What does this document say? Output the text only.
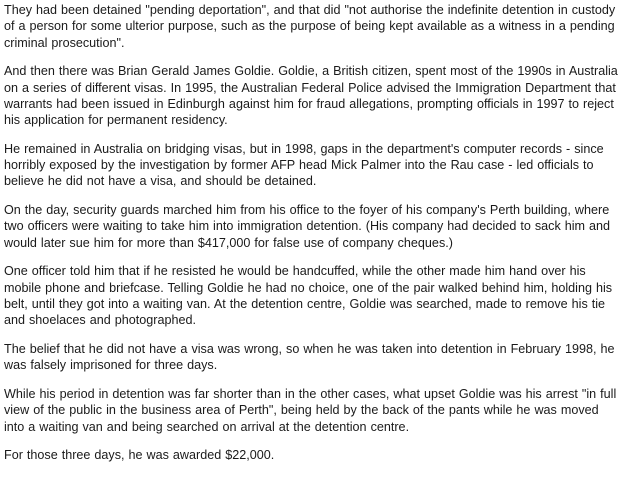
They had been detained "pending deportation", and that did "not authorise the indefinite detention in custody of a person for some ulterior purpose, such as the purpose of being kept available as a witness in a pending criminal prosecution".

And then there was Brian Gerald James Goldie. Goldie, a British citizen, spent most of the 1990s in Australia on a series of different visas. In 1995, the Australian Federal Police advised the Immigration Department that warrants had been issued in Edinburgh against him for fraud allegations, prompting officials in 1997 to reject his application for permanent residency.

He remained in Australia on bridging visas, but in 1998, gaps in the department's computer records - since horribly exposed by the investigation by former AFP head Mick Palmer into the Rau case - led officials to believe he did not have a visa, and should be detained.

On the day, security guards marched him from his office to the foyer of his company's Perth building, where two officers were waiting to take him into immigration detention. (His company had decided to sack him and would later sue him for more than $417,000 for false use of company cheques.)

One officer told him that if he resisted he would be handcuffed, while the other made him hand over his mobile phone and briefcase. Telling Goldie he had no choice, one of the pair walked behind him, holding his belt, until they got into a waiting van. At the detention centre, Goldie was searched, made to remove his tie and shoelaces and photographed.

The belief that he did not have a visa was wrong, so when he was taken into detention in February 1998, he was falsely imprisoned for three days.

While his period in detention was far shorter than in the other cases, what upset Goldie was his arrest "in full view of the public in the business area of Perth", being held by the back of the pants while he was moved into a waiting van and being searched on arrival at the detention centre.

For those three days, he was awarded $22,000.
